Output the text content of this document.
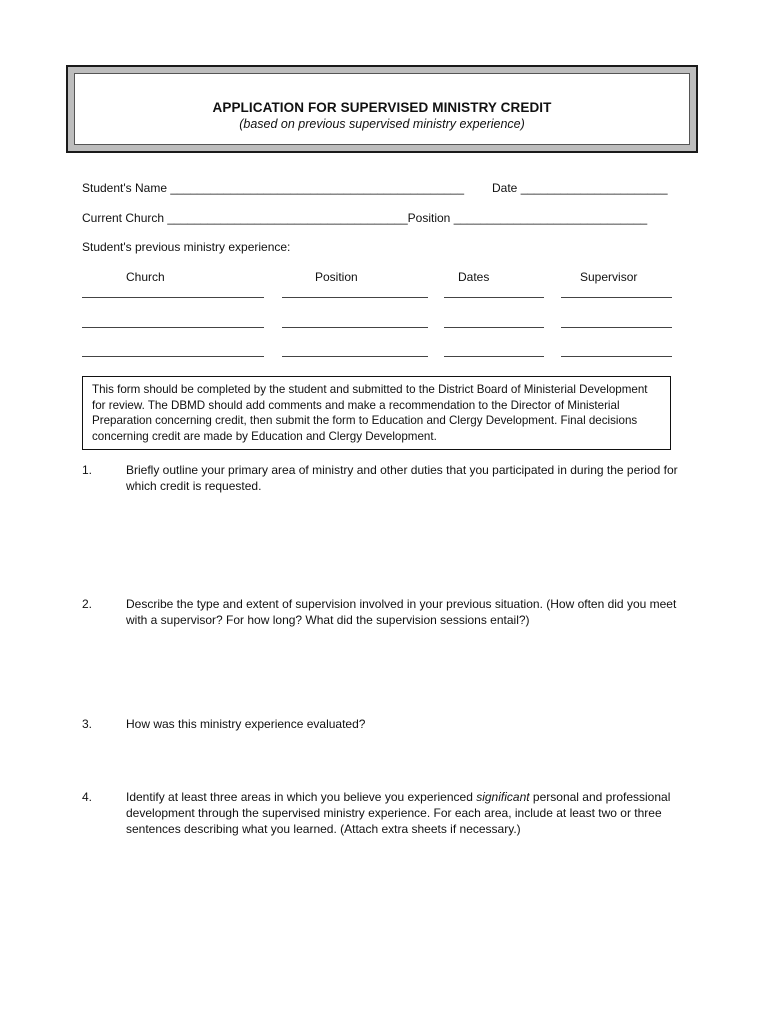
APPLICATION FOR SUPERVISED MINISTRY CREDIT
(based on previous supervised ministry experience)
Student's Name ____________________________________________ Date ______________________
Current Church ____________________________________Position _____________________________
Student's previous ministry experience:
Church	Position	Dates	Supervisor
This form should be completed by the student and submitted to the District Board of Ministerial Development for review. The DBMD should add comments and make a recommendation to the Director of Ministerial Preparation concerning credit, then submit the form to Education and Clergy Development. Final decisions concerning credit are made by Education and Clergy Development.
1.	Briefly outline your primary area of ministry and other duties that you participated in during the period for which credit is requested.
2.	Describe the type and extent of supervision involved in your previous situation. (How often did you meet with a supervisor? For how long? What did the supervision sessions entail?)
3.	How was this ministry experience evaluated?
4.	Identify at least three areas in which you believe you experienced significant personal and professional development through the supervised ministry experience. For each area, include at least two or three sentences describing what you learned. (Attach extra sheets if necessary.)
